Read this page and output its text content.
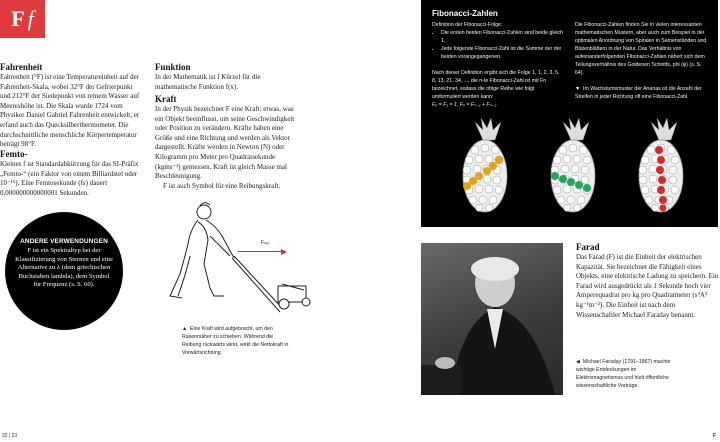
F f
Fahrenheit

Fahrenheit (°F) ist eine Temperatureinheit auf der Fahrenheit-Skala, wobei 32°F der Gefrierpunkt und 212°F der Siedepunkt von reinem Wasser auf Meereshöhe ist. Die Skala wurde 1724 vom Physiker Daniel Gabriel Fahrenheit entwickelt, er erfand auch das Quecksilberthermometer. Die durchschnittliche menschliche Körpertemperatur beträgt 98°F.

Femto-

Kleines f ist Standardabkürzung für das SI-Präfix „Femto-“ (ein Faktor von einem Billiardstel oder 10⁻¹⁵). Eine Femtosekunde (fs) dauert 0,000000000000001 Sekunden.

ANDERE VERWENDUNGEN
F ist ein Spektraltyp bei der Klassifizierung von Sternen und eine Alternative zu λ (dem griechischen Buchstaben lambda), dem Symbol für Frequenz (s. S. 60).
Funktion

In der Mathematik ist f Kürzel für die mathematische Funktion f(x).

Kraft

In der Physik bezeichnet F eine Kraft: etwas, was ein Objekt beeinflusst, um seine Geschwindigkeit oder Position zu verändern. Kräfte haben eine Größe und eine Richtung und werden als Vektor dargestellt. Kräfte werden in Newton (N) oder Kilogramm pro Meter pro Quadratsekunde (kgms⁻²) gemessen. Kraft ist gleich Masse mal Beschleunigung.

F ist auch Symbol für eine Reibungskraft.

Fₙₑₜ
▲ Eine Kraft wird aufgebracht, um den Rasenmäher zu schieben. Während die Reibung rückwärts wirkt, wirkt die Nettokraft in Vorwärtsrichtung.
Fibonacci-Zahlen
Definition der Fibonacci-Folge:
• Die ersten beiden Fibonacci-Zahlen sind beide gleich 1.
• Jede folgende Fibonacci-Zahl ist die Summe der der beiden vorangegangenen.
Nach dieser Definition ergibt sich die Folge 1, 1, 2, 3, 5, 8, 13, 21, 34, ..., die n-te Fibonacci-Zahl ist mit Fn bezeichnet, sodass die obige Reihe wie folgt umformuliert werden kann:
F₀ = F₁ = 1, Fₙ = Fₙ₋₁ + Fₙ₋₂
Die Fibonacci-Zahlen finden Sie in vielen interessanten mathematischen Mustern, aber auch zum Beispiel in der optimalen Anordnung von Spiralen in Samenständen und Blütenblättern in der Natur. Das Verhältnis von aufeinanderfolgenden Fibonacci-Zahlen nähert sich dem Teilungsverhältnis des Goldenen Schnitts, phi (φ) (s. S. 64).
▼ Im Wachstumsmuster der Ananas ist die Anzahl der Streifen in jeder Richtung oft eine Fibonacci-Zahl.
Farad

Das Farad (F) ist die Einheit der elektrischen Kapazität. Sie bezeichnet die Fähigkeit eines Objekts, eine elektrische Ladung zu speichern. Ein Farad wird ausgedrückt als 1 Sekunde hoch vier Amperequadrat pro kg pro Quadratmeter (s⁴A² kg⁻¹m⁻²). Die Einheit ist nach dem Wissenschaftler Michael Faraday benannt.

◀ Michael Faraday (1791–1867) machte wichtige Entdeckungen im Elektromagnetismus und hielt öffentliche wissenschaftliche Vorträge.
22 | 23	F
